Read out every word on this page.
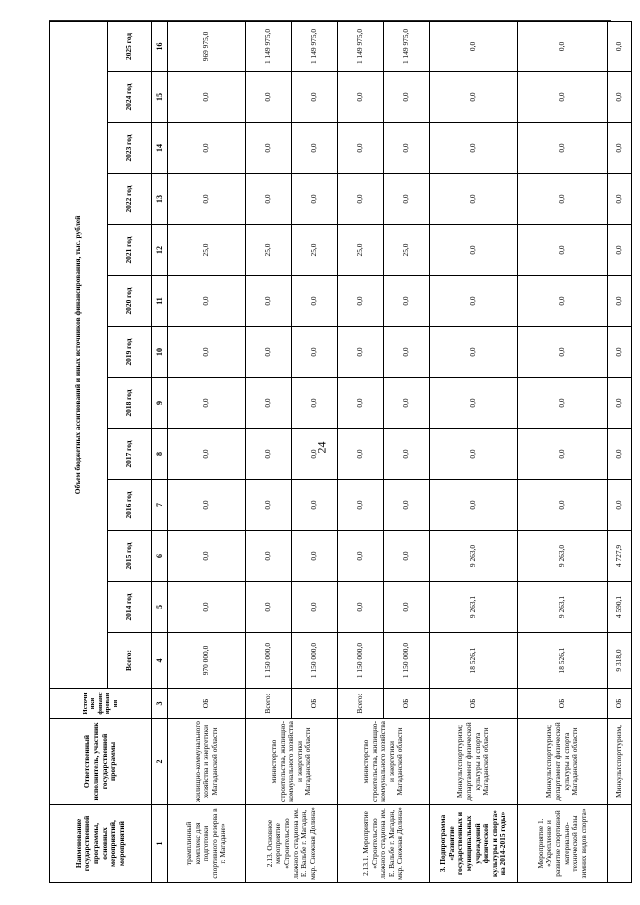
24
Наименование государственной программы, основных мероприятий, мероприятий	Ответственный исполнитель, участник государственной программы	Источники финансирования	Объем бюджетных ассигнований и иных источников финансирования, тыс. рублей												
			Всего:	2014 год	2015 год	2016 год	2017 год	2018 год	2019 год	2020 год	2021 год	2022 год	2023 год	2024 год	2025 год
1	2	3	4	5	6	7	8	9	10	11	12	13	14	15	16
трамплинный комплекс для подготовки спортивного резерва в г. Магадане»	жилищно-коммунального хозяйства и энергетики Магаданской области	ОБ	970 000,0	0,0	0,0	0,0	0,0	0,0	0,0	0,0	25,0	0,0	0,0	0,0	969 975,0
2.13. Основное мероприятие «Строительство лыжного стадиона им. Е. Вальбе г. Магадан, мкр. Снежная Долина»	министерство строительства, жилищно-коммунального хозяйства и энергетики Магаданской области	Всего:	1 150 000,0	0,0	0,0	0,0	0,0	0,0	0,0	0,0	25,0	0,0	0,0	0,0	1 149 975,0
		ОБ	1 150 000,0	0,0	0,0	0,0	0,0	0,0	0,0	0,0	25,0	0,0	0,0	0,0	1 149 975,0
2.13.1. Мероприятие «Строительство лыжного стадиона им. Е. Вальбе г. Магадан, мкр. Снежная Долина»	министерство строительства, жилищно-коммунального хозяйства и энергетики Магаданской области	Всего:	1 150 000,0	0,0	0,0	0,0	0,0	0,0	0,0	0,0	25,0	0,0	0,0	0,0	1 149 975,0
		ОБ	1 150 000,0	0,0	0,0	0,0	0,0	0,0	0,0	0,0	25,0	0,0	0,0	0,0	1 149 975,0
3. Подпрограмма «Развитие государственных и муниципальных учреждений физической культуры и спорта» на 2014-2015 годы»	Минкультспорттуризм; департамент физической культуры и спорта Магаданской области	ОБ	18 526,1	9 263,1	9 263,0	0,0	0,0	0,0	0,0	0,0	0,0	0,0	0,0	0,0	0,0
Мероприятие 1. «Укрепление и развитие спортивной материально-технической базы зимних видов спорта»	Минкультспорттуризм; департамент физической культуры и спорта Магаданской области	ОБ	18 526,1	9 263,1	9 263,0	0,0	0,0	0,0	0,0	0,0	0,0	0,0	0,0	0,0	0,0
	Минкультспорттуризм,	ОБ	9 318,0	4 590,1	4 727,9	0,0	0,0	0,0	0,0	0,0	0,0	0,0	0,0	0,0	0,0
